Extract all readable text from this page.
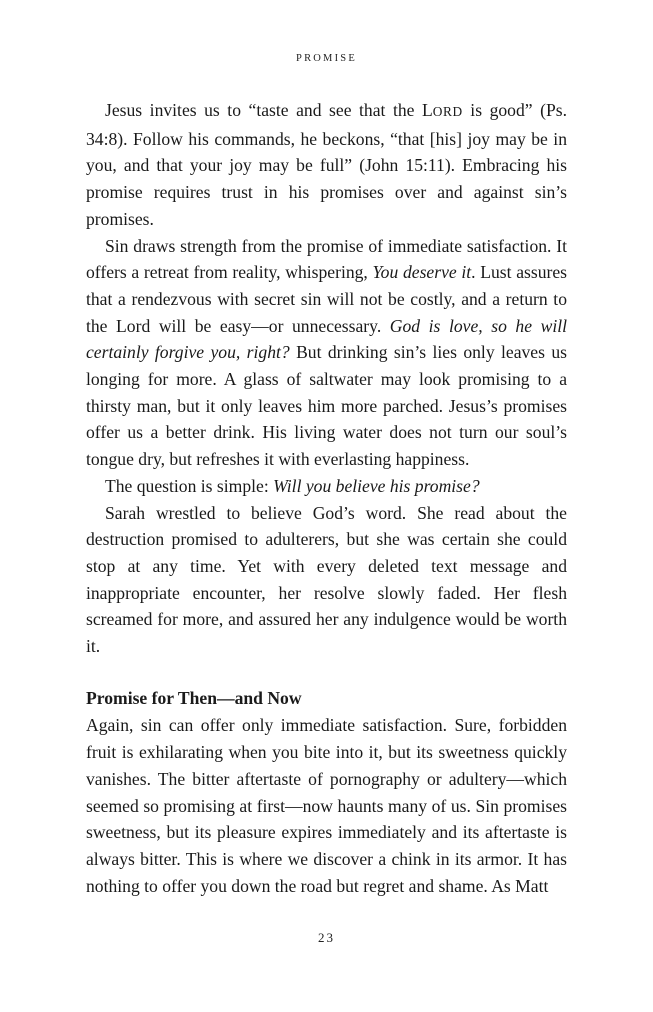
PROMISE

Jesus invites us to “taste and see that the LORD is good” (Ps. 34:8). Follow his commands, he beckons, “that [his] joy may be in you, and that your joy may be full” (John 15:11). Embracing his promise requires trust in his promises over and against sin’s promises.

Sin draws strength from the promise of immediate satisfaction. It offers a retreat from reality, whispering, You deserve it. Lust assures that a rendezvous with secret sin will not be costly, and a return to the Lord will be easy—or unnecessary. God is love, so he will certainly forgive you, right? But drinking sin’s lies only leaves us longing for more. A glass of saltwater may look promising to a thirsty man, but it only leaves him more parched. Jesus’s promises offer us a better drink. His living water does not turn our soul’s tongue dry, but refreshes it with everlasting happiness.

The question is simple: Will you believe his promise?

Sarah wrestled to believe God’s word. She read about the destruction promised to adulterers, but she was certain she could stop at any time. Yet with every deleted text message and inappropriate encounter, her resolve slowly faded. Her flesh screamed for more, and assured her any indulgence would be worth it.

Promise for Then—and Now

Again, sin can offer only immediate satisfaction. Sure, forbidden fruit is exhilarating when you bite into it, but its sweetness quickly vanishes. The bitter aftertaste of pornography or adultery—which seemed so promising at first—now haunts many of us. Sin promises sweetness, but its pleasure expires immediately and its aftertaste is always bitter. This is where we discover a chink in its armor. It has nothing to offer you down the road but regret and shame. As Matt

23
